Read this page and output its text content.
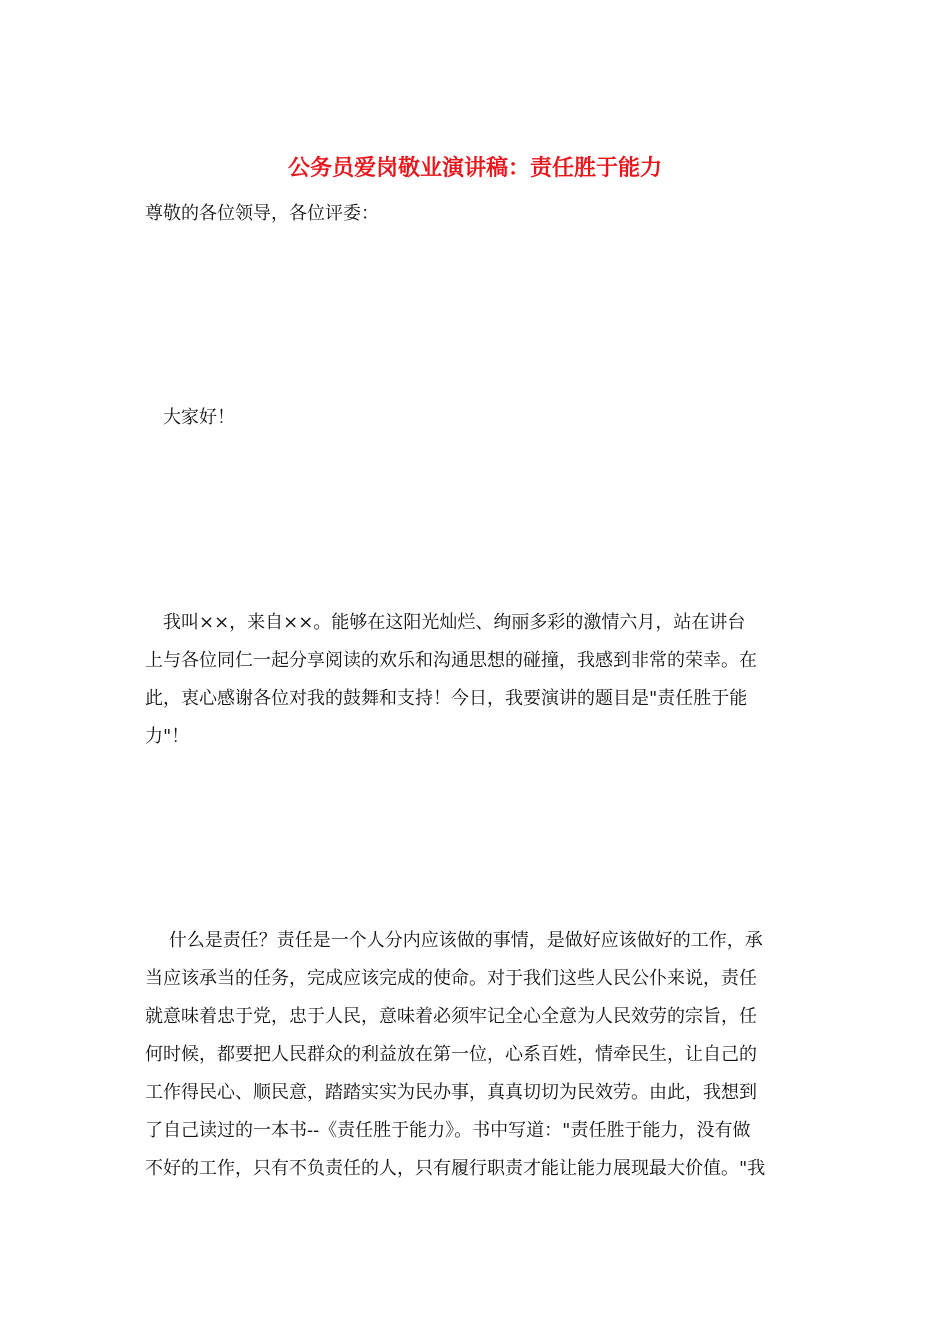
公务员爱岗敬业演讲稿：责任胜于能力
尊敬的各位领导，各位评委：
　大家好！
　我叫××，来自××。能够在这阳光灿烂、绚丽多彩的激情六月，站在讲台
上与各位同仁一起分享阅读的欢乐和沟通思想的碰撞，我感到非常的荣幸。在
此，衷心感谢各位对我的鼓舞和支持！今日，我要演讲的题目是"责任胜于能
力"！
　 什么是责任？责任是一个人分内应该做的事情，是做好应该做好的工作，承
当应该承当的任务，完成应该完成的使命。对于我们这些人民公仆来说，责任
就意味着忠于党，忠于人民，意味着必须牢记全心全意为人民效劳的宗旨，任
何时候，都要把人民群众的利益放在第一位，心系百姓，情牵民生，让自己的
工作得民心、顺民意，踏踏实实为民办事，真真切切为民效劳。由此，我想到
了自己读过的一本书--《责任胜于能力》。书中写道："责任胜于能力，没有做
不好的工作，只有不负责任的人，只有履行职责才能让能力展现最大价值。"我
